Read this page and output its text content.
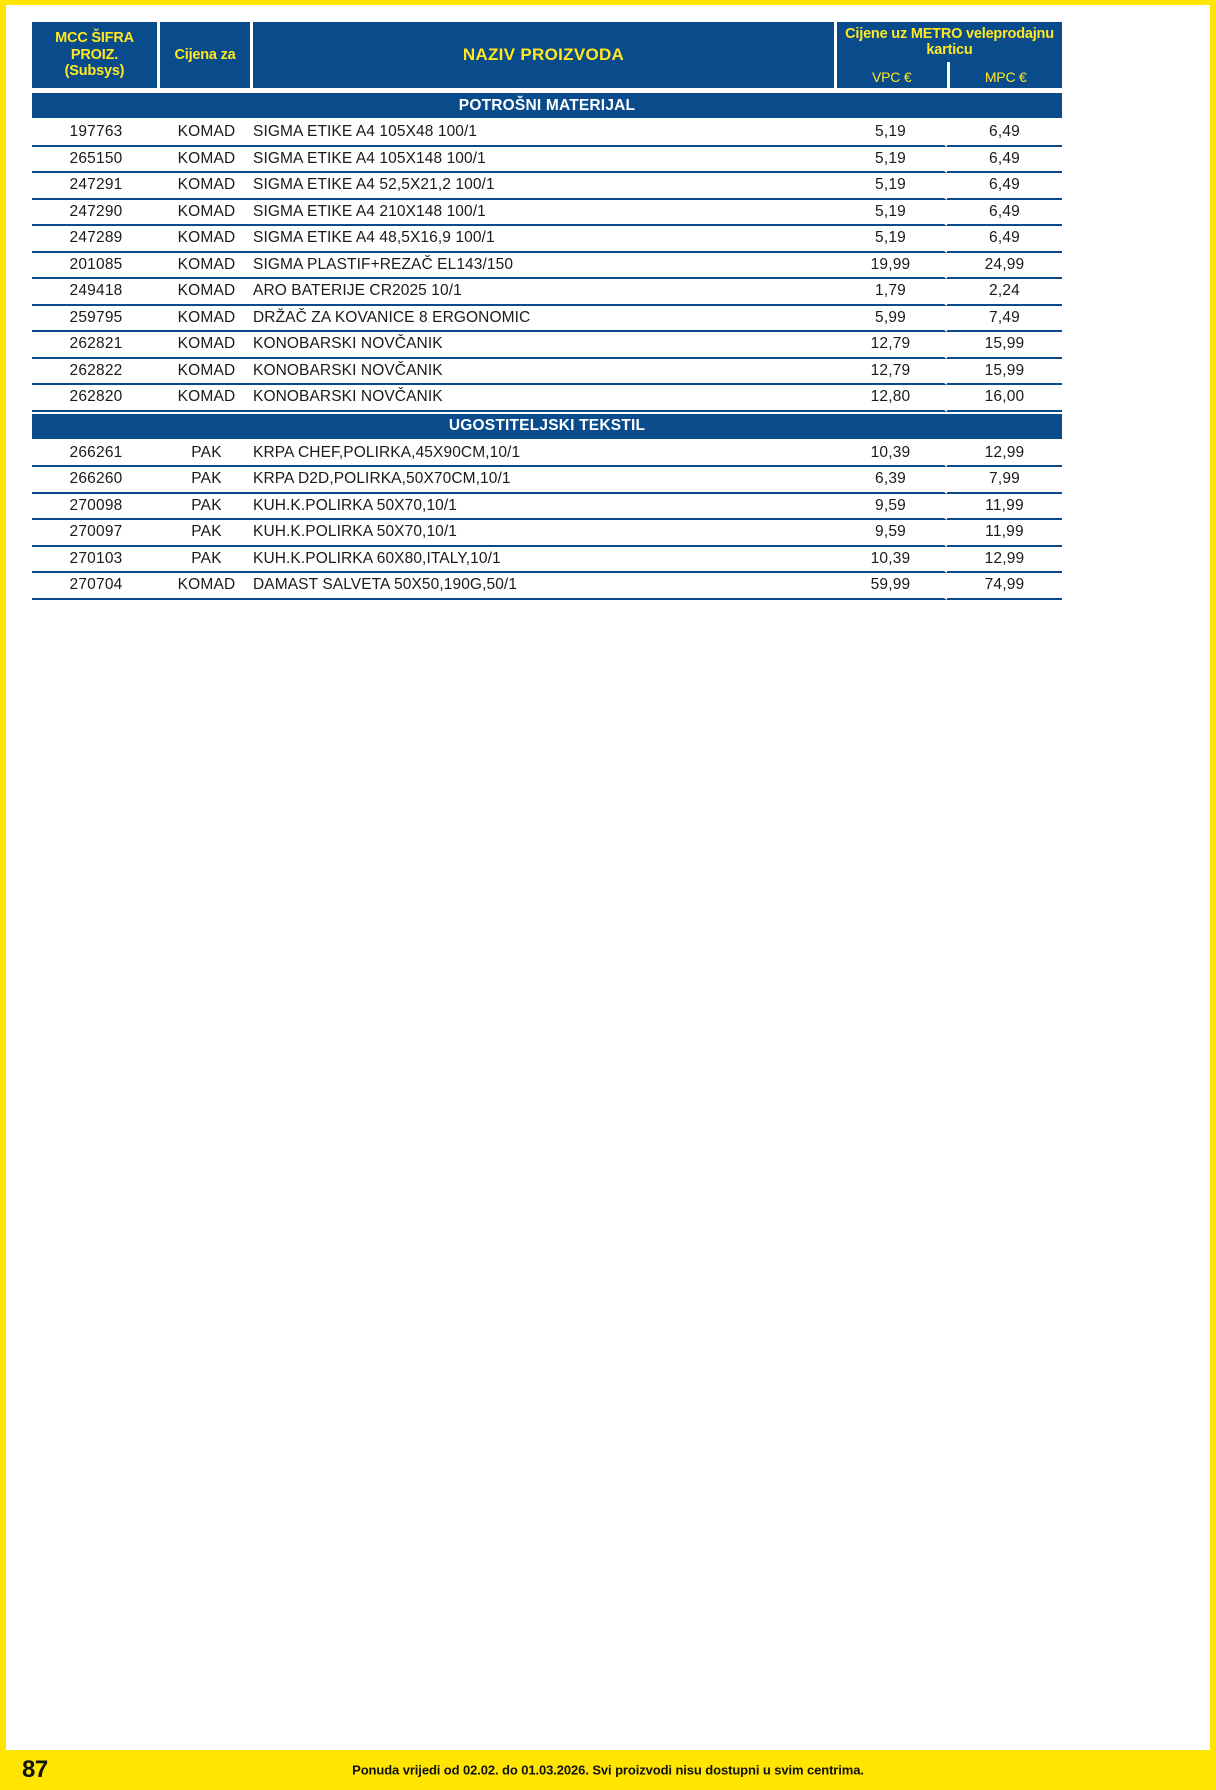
MCC ŠIFRA PROIZ.
(Subsys)

Cijena za	NAZIV PROIZVODA

Cijene uz METRO veleprodajnu
karticu
VPC €	MPC €

POTROŠNI MATERIJAL				
197763	KOMAD	SIGMA ETIKE A4 105X48 100/1	5,19	6,49
265150	KOMAD	SIGMA ETIKE A4 105X148 100/1	5,19	6,49
247291	KOMAD	SIGMA ETIKE A4 52,5X21,2 100/1	5,19	6,49
247290	KOMAD	SIGMA ETIKE A4 210X148 100/1	5,19	6,49
247289	KOMAD	SIGMA ETIKE A4 48,5X16,9 100/1	5,19	6,49
201085	KOMAD	SIGMA PLASTIF+REZAČ EL143/150	19,99	24,99
249418	KOMAD	ARO BATERIJE CR2025 10/1	1,79	2,24
259795	KOMAD	DRŽAČ ZA KOVANICE 8 ERGONOMIC	5,99	7,49
262821	KOMAD	KONOBARSKI NOVČANIK	12,79	15,99
262822	KOMAD	KONOBARSKI NOVČANIK	12,79	15,99
262820	KOMAD	KONOBARSKI NOVČANIK	12,80	16,00
UGOSTITELJSKI TEKSTIL				
266261	PAK	KRPA CHEF,POLIRKA,45X90CM,10/1	10,39	12,99
266260	PAK	KRPA D2D,POLIRKA,50X70CM,10/1	6,39	7,99
270098	PAK	KUH.K.POLIRKA 50X70,10/1	9,59	11,99
270097	PAK	KUH.K.POLIRKA 50X70,10/1	9,59	11,99
270103	PAK	KUH.K.POLIRKA 60X80,ITALY,10/1	10,39	12,99
270704	KOMAD	DAMAST SALVETA 50X50,190G,50/1	59,99	74,99
87	Ponuda vrijedi od 02.02. do 01.03.2026. Svi proizvodi nisu dostupni u svim centrima.
